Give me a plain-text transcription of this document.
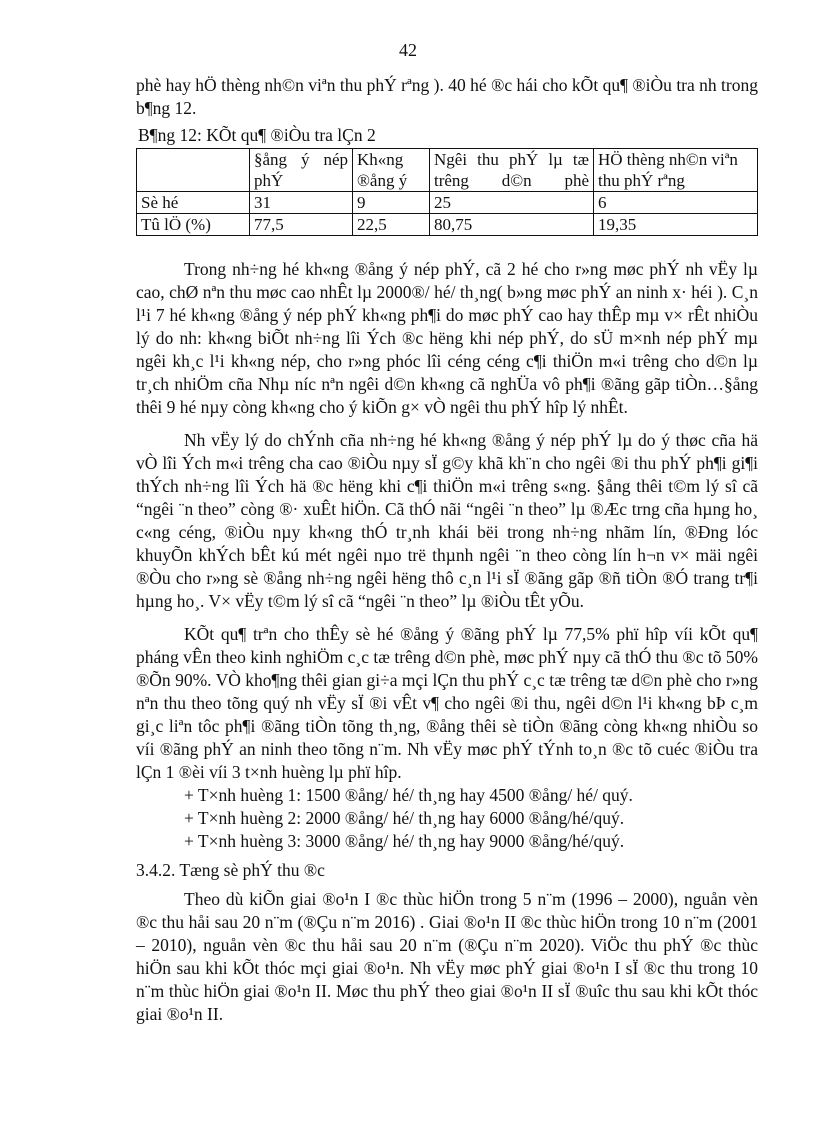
42

phè hay hÖ thèng nh©n viªn thu phÝ rªng ). 40 hé ®c hái cho kÕt qu¶ ®iÒu tra nh trong b¶ng 12.

B¶ng 12: KÕt qu¶ ®iÒu tra lÇn 2

	§ång ý nép phÝ	Kh«ng ®ång ý	Ngêi thu phÝ lµ tæ trêng d©n phè	HÖ thèng nh©n viªn thu phÝ rªng
Sè hé	31	9	25	6
Tû lÖ (%)	77,5	22,5	80,75	19,35

Trong nh÷ng hé kh«ng ®ång ý nép phÝ, cã 2 hé cho r»ng møc phÝ nh vËy lµ cao, chØ nªn thu møc cao nhÊt lµ 2000®/ hé/ th¸ng( b»ng møc phÝ an ninh x· héi ). C¸n l¹i 7 hé kh«ng ®ång ý nép phÝ kh«ng ph¶i do møc phÝ cao hay thÊp mµ v× rÊt nhiÒu lý do nh: kh«ng biÕt nh÷ng lîi Ých ®c hëng khi nép phÝ, do sÜ m×nh nép phÝ mµ ngêi kh¸c l¹i kh«ng nép, cho r»ng phóc lîi céng céng c¶i thiÖn m«i trêng cho d©n lµ tr¸ch nhiÖm cña Nhµ níc nªn ngêi d©n kh«ng cã nghÜa vô ph¶i ®ãng gãp tiÒn…§ång thêi 9 hé nµy còng kh«ng cho ý kiÕn g× vÒ ngêi thu phÝ hîp lý nhÊt.

Nh vËy lý do chÝnh cña nh÷ng hé kh«ng ®ång ý nép phÝ lµ do ý thøc cña hä vÒ lîi Ých m«i trêng cha cao ®iÒu nµy sÏ g©y khã kh¨n cho ngêi ®i thu phÝ ph¶i gi¶i thÝch nh÷ng lîi Ých hä ®c hëng khi c¶i thiÖn m«i trêng s«ng. §ång thêi t©m lý sî cã “ngêi ¨n theo” còng ®· xuÊt hiÖn. Cã thÓ nãi “ngêi ¨n theo” lµ ®Æc trng cña hµng ho¸ c«ng céng, ®iÒu nµy kh«ng thÓ tr¸nh khái bëi trong nh÷ng nhãm lín, ®Ðng lóc khuyÕn khÝch bÊt kú mét ngêi nµo trë thµnh ngêi ¨n theo còng lín h¬n v× mäi ngêi ®Òu cho r»ng sè ®ång nh÷ng ngêi hëng thô c¸n l¹i sÏ ®ãng gãp ®ñ tiÒn ®Ó trang tr¶i hµng ho¸. V× vËy t©m lý sî cã “ngêi ¨n theo” lµ ®iÒu tÊt yÕu.

KÕt qu¶ trªn cho thÊy sè hé ®ång ý ®ãng phÝ lµ 77,5% phï hîp víi kÕt qu¶ pháng vÊn theo kinh nghiÖm c¸c tæ trêng d©n phè, møc phÝ nµy cã thÓ thu ®c tõ 50% ®Õn 90%. VÒ kho¶ng thêi gian gi÷a mçi lÇn thu phÝ c¸c tæ trêng tæ d©n phè cho r»ng nªn thu theo tõng quý nh vËy sÏ ®i vÊt v¶ cho ngêi ®i thu, ngêi d©n l¹i kh«ng bÞ c¸m gi¸c liªn tôc ph¶i ®ãng tiÒn tõng th¸ng, ®ång thêi sè tiÒn ®ãng còng kh«ng nhiÒu so víi ®ãng phÝ an ninh theo tõng n¨m. Nh vËy møc phÝ tÝnh to¸n ®c tõ cuéc ®iÒu tra lÇn 1 ®èi víi 3 t×nh huèng lµ phï hîp.

+ T×nh huèng 1: 1500 ®ång/ hé/ th¸ng hay 4500 ®ång/ hé/ quý.

+ T×nh huèng 2: 2000 ®ång/ hé/ th¸ng hay 6000 ®ång/hé/quý.

+ T×nh huèng 3: 3000 ®ång/ hé/ th¸ng hay 9000 ®ång/hé/quý.

3.4.2. Tæng sè phÝ thu ®c

Theo dù kiÕn giai ®o¹n I ®c thùc hiÖn trong 5 n¨m (1996 – 2000), nguån vèn ®c thu håi sau 20 n¨m (®Çu n¨m 2016) . Giai ®o¹n II ®c thùc hiÖn trong 10 n¨m (2001 – 2010), nguån vèn ®c thu håi sau 20 n¨m (®Çu n¨m 2020). ViÖc thu phÝ ®c thùc hiÖn sau khi kÕt thóc mçi giai ®o¹n. Nh vËy møc phÝ giai ®o¹n I sÏ ®c thu trong 10 n¨m thùc hiÖn giai ®o¹n II. Møc thu phÝ theo giai ®o¹n II sÏ ®uîc thu sau khi kÕt thóc giai ®o¹n II.
